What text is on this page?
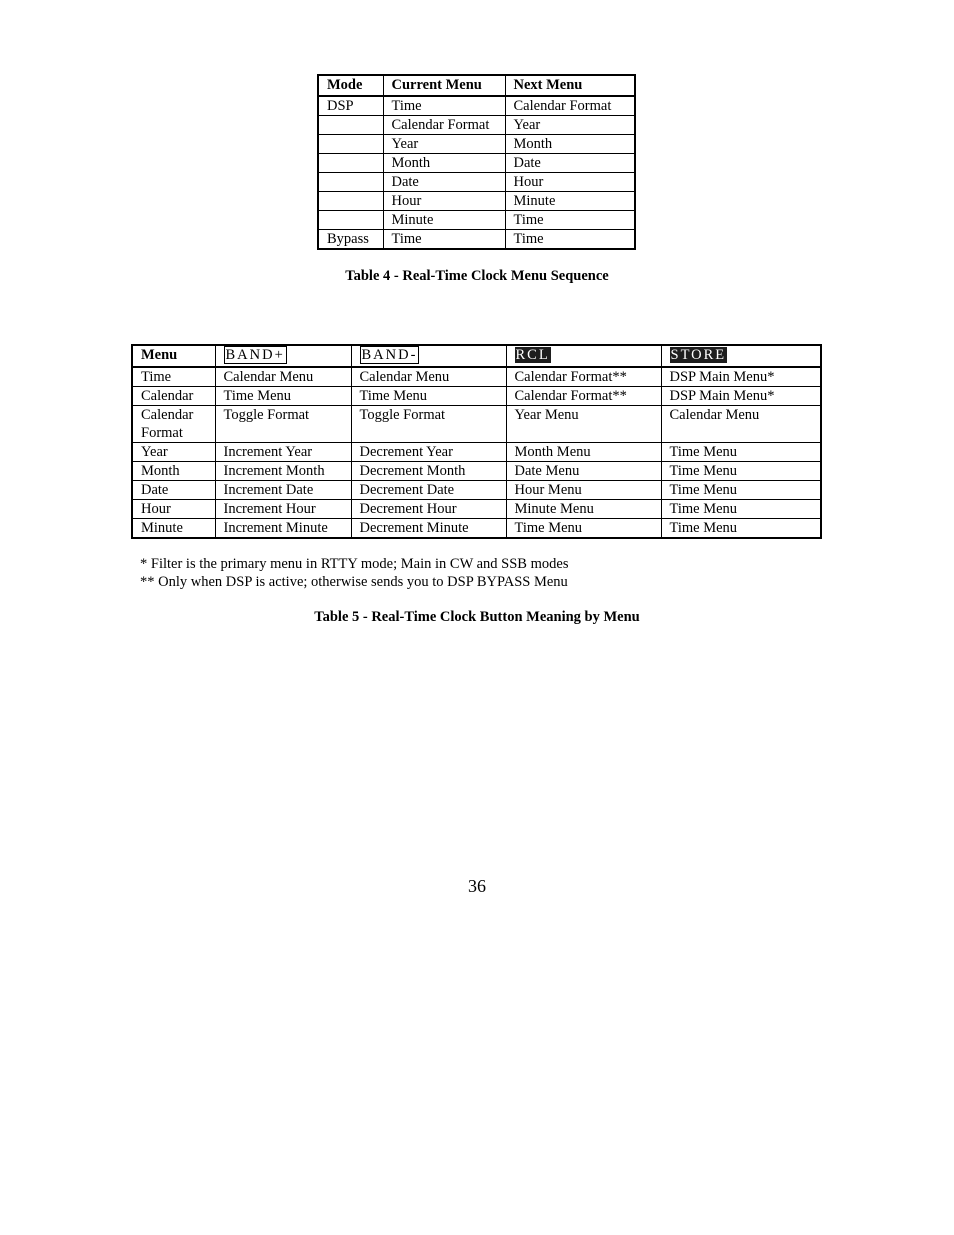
Mode	Current Menu	Next Menu
DSP	Time	Calendar Format
	Calendar Format	Year
	Year	Month
	Month	Date
	Date	Hour
	Hour	Minute
	Minute	Time
Bypass	Time	Time
Table 4 - Real-Time Clock Menu Sequence
Menu	BAND+	BAND-	RCL	STORE
Time	Calendar Menu	Calendar Menu	Calendar Format**	DSP Main Menu*
Calendar	Time Menu	Time Menu	Calendar Format**	DSP Main Menu*
Calendar Format	Toggle Format	Toggle Format	Year Menu	Calendar Menu
Year	Increment Year	Decrement Year	Month Menu	Time Menu
Month	Increment Month	Decrement Month	Date Menu	Time Menu
Date	Increment Date	Decrement Date	Hour Menu	Time Menu
Hour	Increment Hour	Decrement Hour	Minute Menu	Time Menu
Minute	Increment Minute	Decrement Minute	Time Menu	Time Menu
* Filter is the primary menu in RTTY mode; Main in CW and SSB modes
** Only when DSP is active; otherwise sends you to DSP BYPASS Menu
Table 5 - Real-Time Clock Button Meaning by Menu
36
